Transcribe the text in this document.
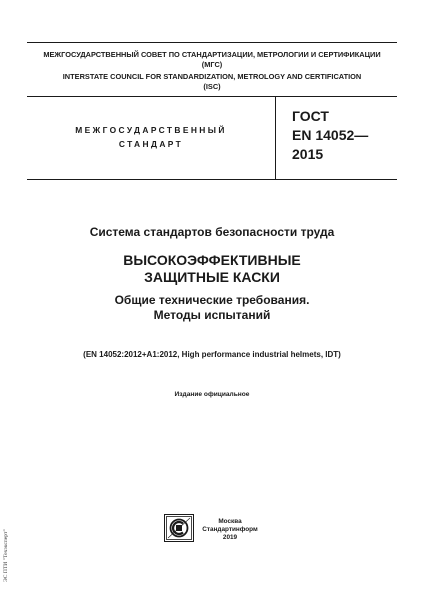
МЕЖГОСУДАРСТВЕННЫЙ СОВЕТ ПО СТАНДАРТИЗАЦИИ, МЕТРОЛОГИИ И СЕРТИФИКАЦИИ
(МГС)
INTERSTATE COUNCIL FOR STANDARDIZATION, METROLOGY AND CERTIFICATION
(ISC)
МЕЖГОСУДАРСТВЕННЫЙ
СТАНДАРТ
ГОСТ
EN 14052—
2015
Система стандартов безопасности труда
ВЫСОКОЭФФЕКТИВНЫЕ
ЗАЩИТНЫЕ КАСКИ
Общие технические требования.
Методы испытаний
(EN 14052:2012+A1:2012, High performance industrial helmets, IDT)
Издание официальное
Москва
Стандартинформ
2019
ЭС ПТИ "Техэксперт"
